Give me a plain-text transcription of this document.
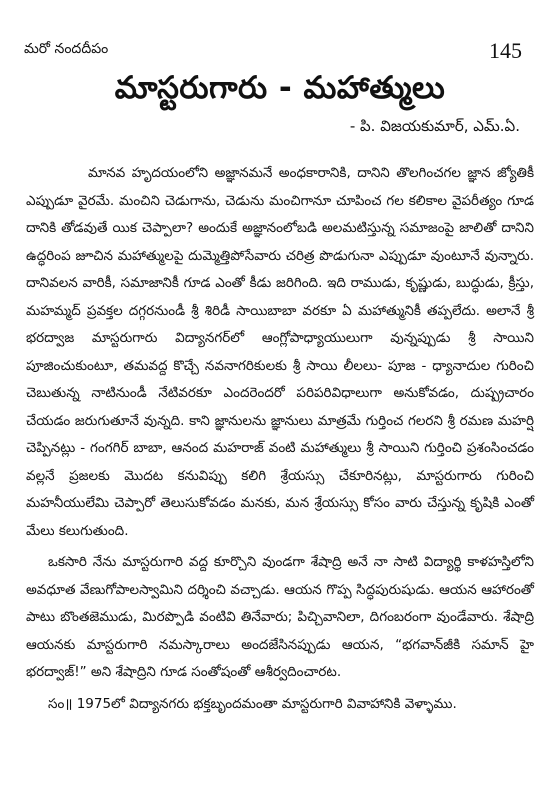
మరో నందదీపం	145
మాస్టరుగారు - మహాత్ములు
- పి. విజయకుమార్, ఎమ్.ఏ.

మానవ హృదయంలోని అజ్ఞానమనే అంధకారానికి, దానిని తొలగించగల జ్ఞాన జ్యోతికీ ఎప్పుడూ వైరమే. మంచిని చెడుగాను, చెడును మంచిగానూ చూపించ గల కలికాల వైపరీత్యం గూడ దానికి తోడవుతే యిక చెప్పాలా? అందుకే అజ్ఞానంలోబడి అలమటిస్తున్న సమాజంపై జాలితో దానిని ఉద్ధరింప జూచిన మహాత్ములపై దుమ్మెత్తిపోసేవారు చరిత్ర పొడుగునా ఎప్పుడూ వుంటూనే వున్నారు. దానివలన వారికీ, సమాజానికీ గూడ ఎంతో కీడు జరిగింది. ఇది రాముడు, కృష్ణుడు, బుద్ధుడు, క్రీస్తు, మహమ్మద్ ప్రవక్తల దగ్గరనుండీ శ్రీ శిరిడీ సాయిబాబా వరకూ ఏ మహాత్మునికీ తప్పలేదు. అలానే శ్రీ భరద్వాజ మాస్టరుగారు విద్యానగర్‌లో ఆంగ్లోపాధ్యాయులుగా వున్నప్పుడు శ్రీ సాయిని పూజించుకుంటూ, తమవద్ద కొచ్చే నవనాగరికులకు శ్రీ సాయి లీలలు- పూజ - ధ్యానాదుల గురించి చెబుతున్న నాటినుండీ నేటివరకూ ఎందరెందరో పరిపరివిధాలుగా అనుకోవడం, దుష్ప్రచారం చేయడం జరుగుతూనే వున్నది. కాని జ్ఞానులను జ్ఞానులు మాత్రమే గుర్తించ గలరని శ్రీ రమణ మహర్షి చెప్పినట్లు - గంగగిర్ బాబా, ఆనంద మహరాజ్ వంటి మహాత్ములు శ్రీ సాయిని గుర్తించి ప్రశంసించడం వల్లనే ప్రజలకు మొదట కనువిప్పు కలిగి శ్రేయస్సు చేకూరినట్లు, మాస్టరుగారు గురించి మహనీయులేమి చెప్పారో తెలుసుకోవడం మనకు, మన శ్రేయస్సు కోసం వారు చేస్తున్న కృషికి ఎంతో మేలు కలుగుతుంది.

ఒకసారి నేను మాస్టరుగారి వద్ద కూర్చొని వుండగా శేషాద్రి అనే నా సాటి విద్యార్థి కాళహస్తిలోని అవధూత వేణుగోపాలస్వామిని దర్శించి వచ్చాడు. ఆయన గొప్ప సిద్ధపురుషుడు. ఆయన ఆహారంతో పాటు బొంతజెముడు, మిరప్పొడి వంటివి తినేవారు; పిచ్చివానిలా, దిగంబరంగా వుండేవారు. శేషాద్రి ఆయనకు మాస్టరుగారి నమస్కారాలు అందజేసినప్పుడు ఆయన, “భగవాన్‌జీకి సమాన్ హై భరద్వాజ్!” అని శేషాద్రిని గూడ సంతోషంతో ఆశీర్వదించారట.

సం॥ 1975లో విద్యానగరు భక్తబృందమంతా మాస్టరుగారి వివాహానికి వెళ్ళాము.
